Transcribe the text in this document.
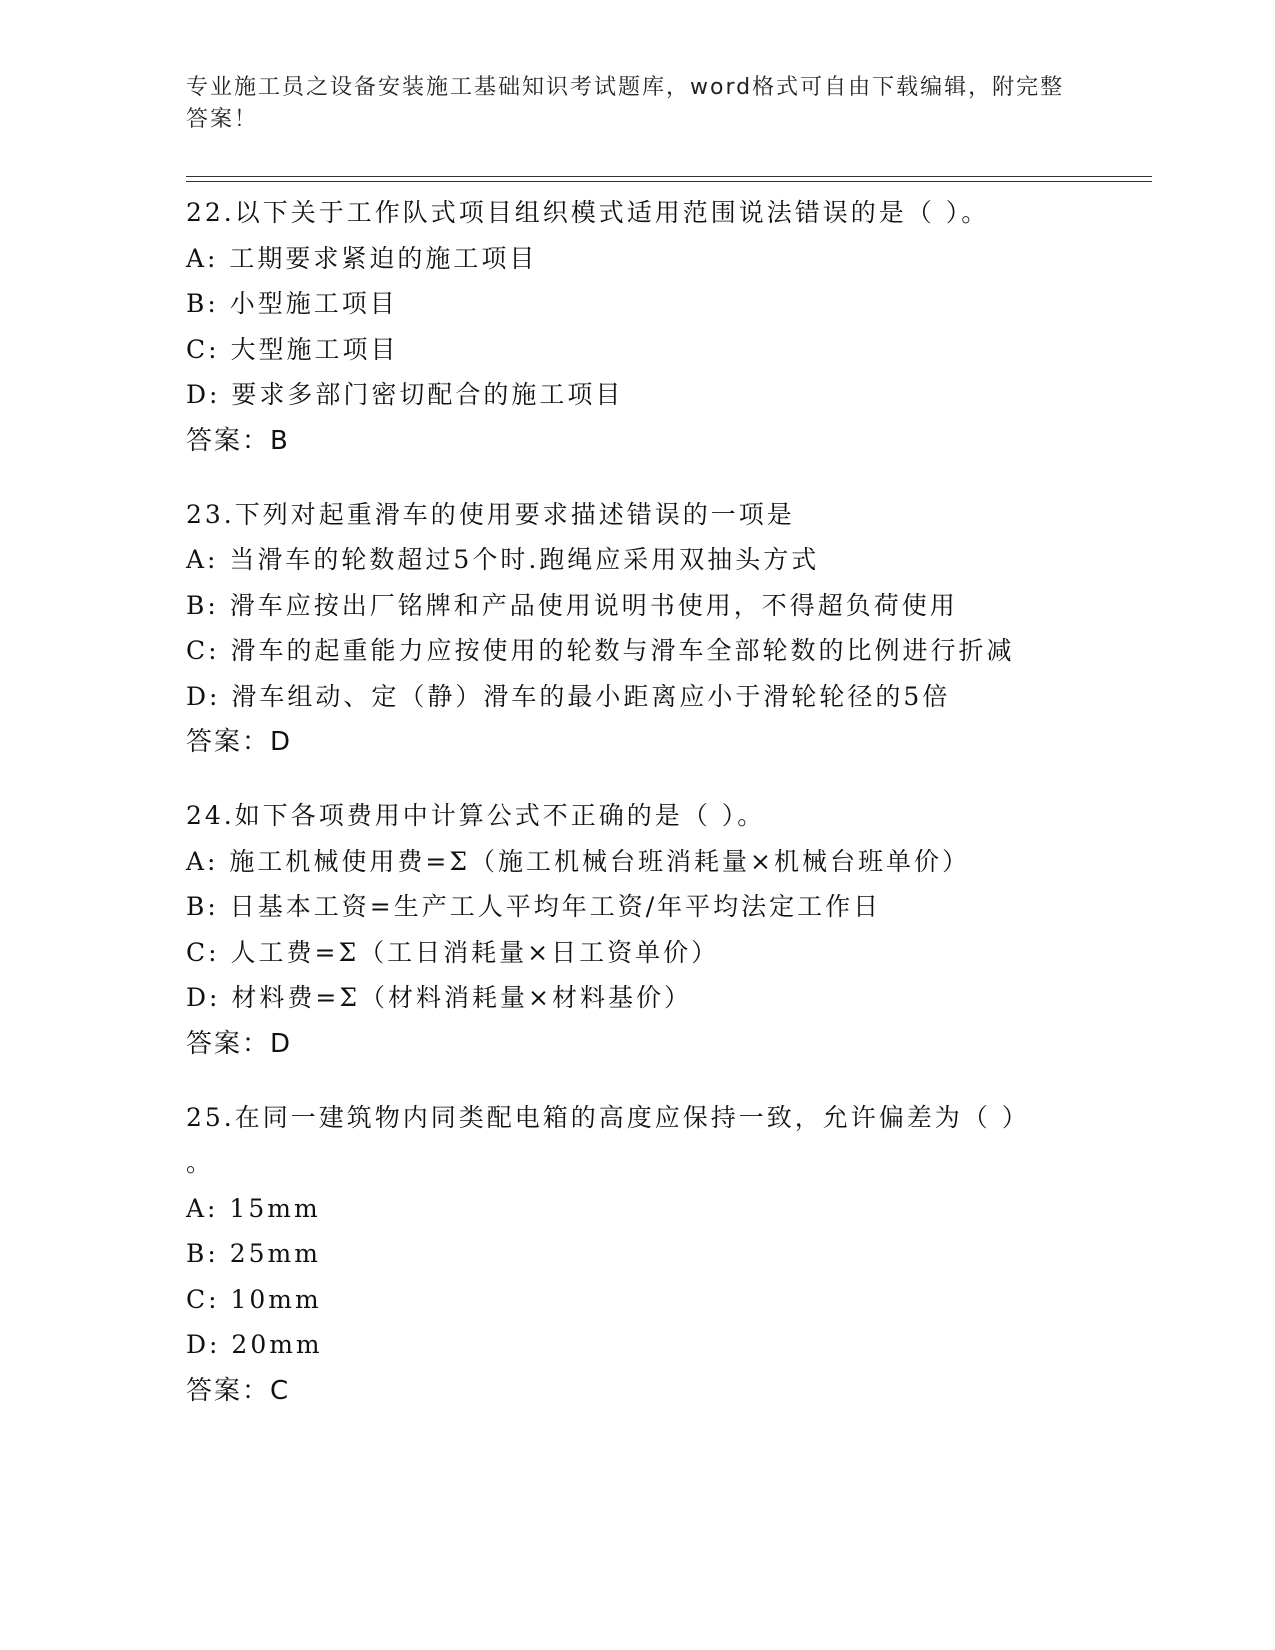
专业施工员之设备安装施工基础知识考试题库，word格式可自由下载编辑，附完整答案！
22.以下关于工作队式项目组织模式适用范围说法错误的是（ ）。
A: 工期要求紧迫的施工项目
B: 小型施工项目
C: 大型施工项目
D: 要求多部门密切配合的施工项目
答案：B
23.下列对起重滑车的使用要求描述错误的一项是
A: 当滑车的轮数超过5个时.跑绳应采用双抽头方式
B: 滑车应按出厂铭牌和产品使用说明书使用，不得超负荷使用
C: 滑车的起重能力应按使用的轮数与滑车全部轮数的比例进行折减
D: 滑车组动、定（静）滑车的最小距离应小于滑轮轮径的5倍
答案：D
24.如下各项费用中计算公式不正确的是（ ）。
A: 施工机械使用费=Σ（施工机械台班消耗量×机械台班单价）
B: 日基本工资=生产工人平均年工资/年平均法定工作日
C: 人工费=Σ（工日消耗量×日工资单价）
D: 材料费=Σ（材料消耗量×材料基价）
答案：D
25.在同一建筑物内同类配电箱的高度应保持一致，允许偏差为（ ）
。
A: 15mm
B: 25mm
C: 10mm
D: 20mm
答案：C
